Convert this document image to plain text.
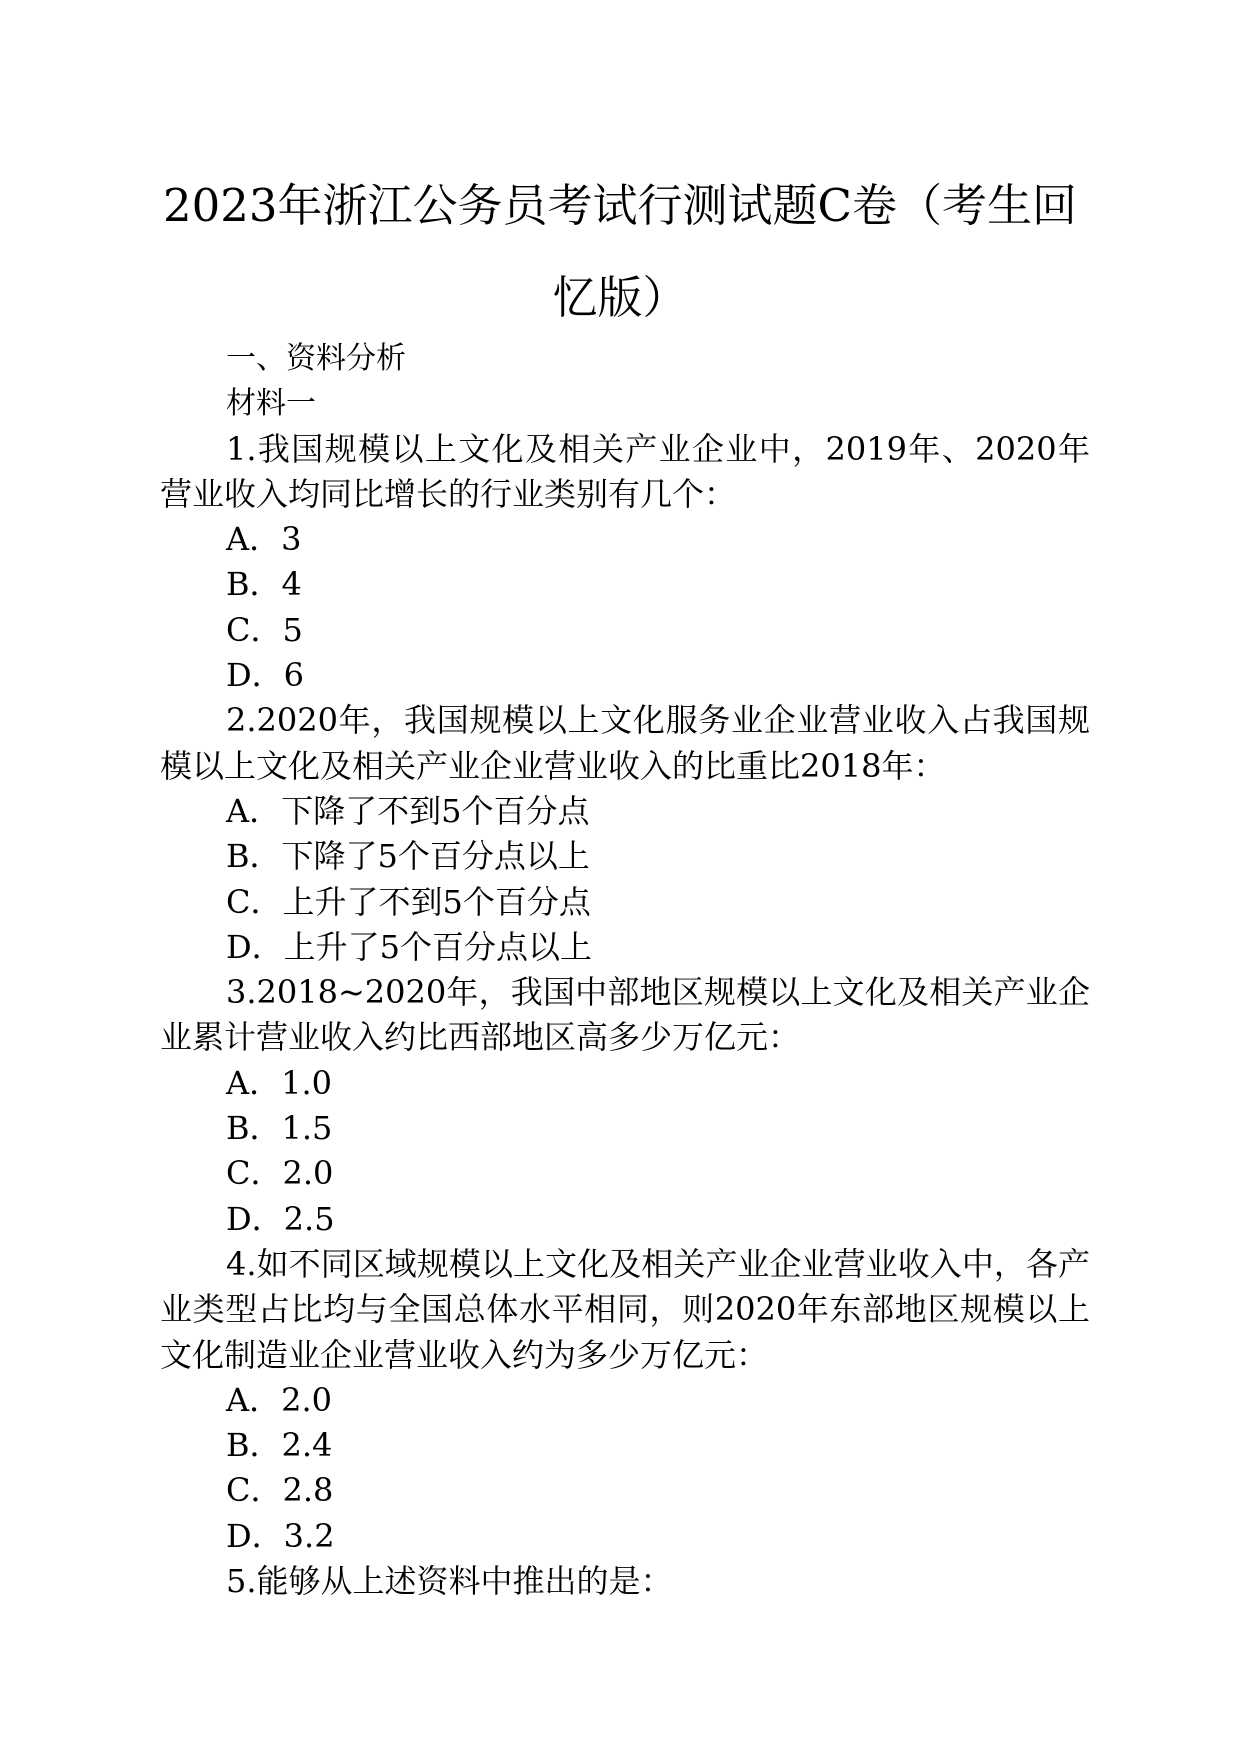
2023年浙江公务员考试行测试题C卷（考生回忆版）
一、资料分析
材料一
1.我国规模以上文化及相关产业企业中，2019年、2020年营业收入均同比增长的行业类别有几个：
A．3
B．4
C．5
D．6
2.2020年，我国规模以上文化服务业企业营业收入占我国规模以上文化及相关产业企业营业收入的比重比2018年：
A．下降了不到5个百分点
B．下降了5个百分点以上
C．上升了不到5个百分点
D．上升了5个百分点以上
3.2018~2020年，我国中部地区规模以上文化及相关产业企业累计营业收入约比西部地区高多少万亿元：
A．1.0
B．1.5
C．2.0
D．2.5
4.如不同区域规模以上文化及相关产业企业营业收入中，各产业类型占比均与全国总体水平相同，则2020年东部地区规模以上文化制造业企业营业收入约为多少万亿元：
A．2.0
B．2.4
C．2.8
D．3.2
5.能够从上述资料中推出的是：
